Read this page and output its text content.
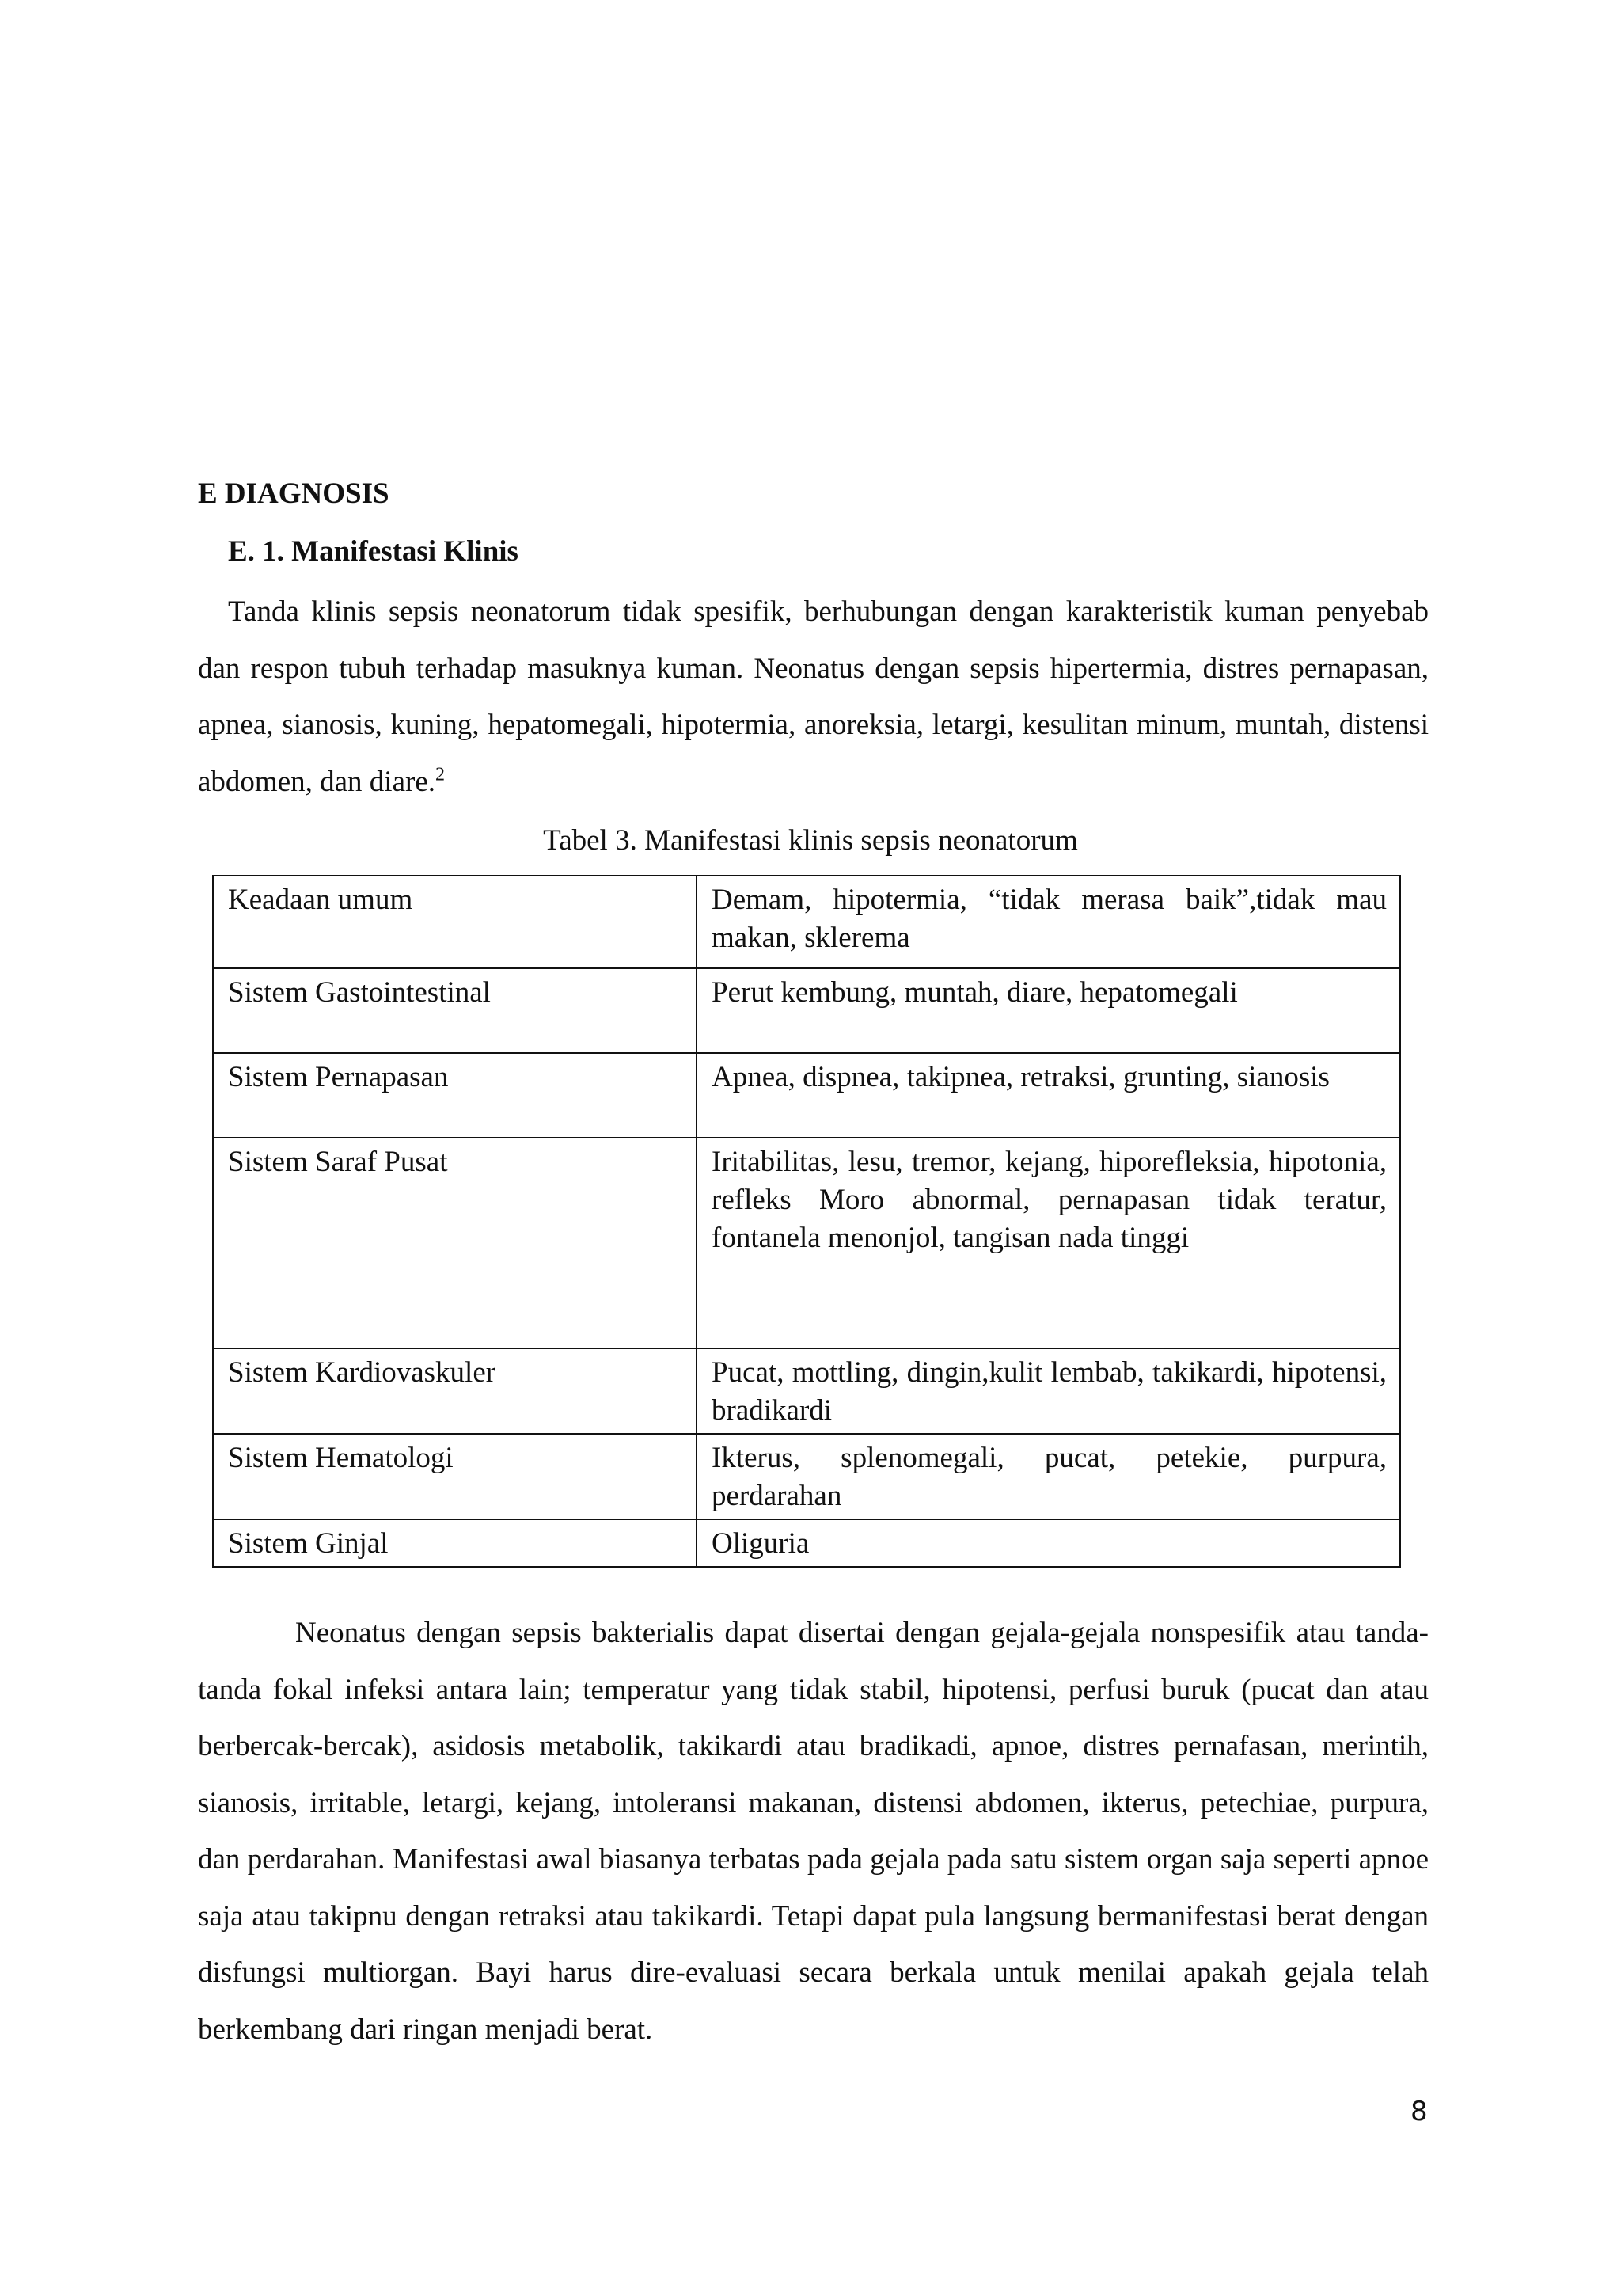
E DIAGNOSIS
E. 1. Manifestasi Klinis

Tanda klinis sepsis neonatorum tidak spesifik, berhubungan dengan karakteristik kuman penyebab dan respon tubuh terhadap masuknya kuman. Neonatus dengan sepsis hipertermia, distres pernapasan, apnea, sianosis, kuning, hepatomegali, hipotermia, anoreksia, letargi, kesulitan minum, muntah, distensi abdomen, dan diare.$^2$

Tabel 3. Manifestasi klinis sepsis neonatorum
Keadaan umum	Demam, hipotermia, “tidak merasa baik”,tidak mau makan, sklerema
Sistem Gastointestinal	Perut kembung, muntah, diare, hepatomegali
Sistem Pernapasan	Apnea, dispnea, takipnea, retraksi, grunting, sianosis
Sistem Saraf Pusat	Iritabilitas, lesu, tremor, kejang, hiporefleksia, hipotonia, refleks Moro abnormal, pernapasan tidak teratur, fontanela menonjol, tangisan nada tinggi
Sistem Kardiovaskuler	Pucat, mottling, dingin,kulit lembab, takikardi, hipotensi, bradikardi
Sistem Hematologi	Ikterus, splenomegali, pucat, petekie, purpura, perdarahan
Sistem Ginjal	Oliguria

Neonatus dengan sepsis bakterialis dapat disertai dengan gejala-gejala nonspesifik atau tanda-tanda fokal infeksi antara lain; temperatur yang tidak stabil, hipotensi, perfusi buruk (pucat dan atau berbercak-bercak), asidosis metabolik, takikardi atau bradikadi, apnoe, distres pernafasan, merintih, sianosis, irritable, letargi, kejang, intoleransi makanan, distensi abdomen, ikterus, petechiae, purpura, dan perdarahan. Manifestasi awal biasanya terbatas pada gejala pada satu sistem organ saja seperti apnoe saja atau takipnu dengan retraksi atau takikardi. Tetapi dapat pula langsung bermanifestasi berat dengan disfungsi multiorgan. Bayi harus dire-evaluasi secara berkala untuk menilai apakah gejala telah berkembang dari ringan menjadi berat.

8
